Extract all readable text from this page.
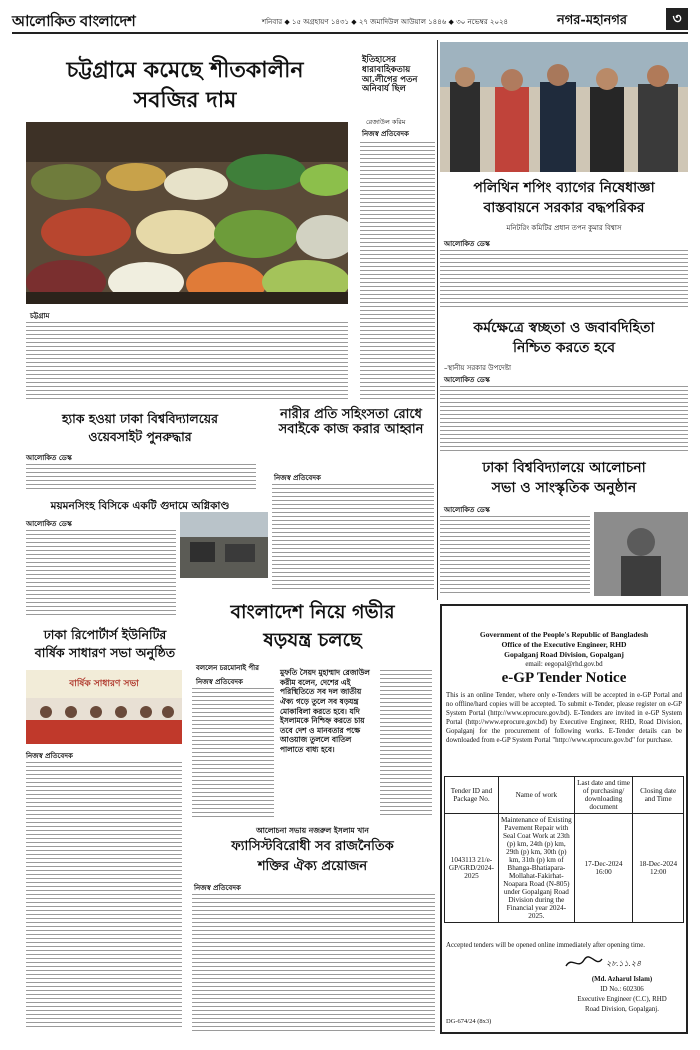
আলোকিত বাংলাদেশ	শনিবার ◆ ১৫ অগ্রহায়ণ ১৪৩১ ◆ ২৭ জমাদিউল আউয়াল ১৪৪৬ ◆ ৩০ নভেম্বর ২০২৪	নগর-মহানগর	৩
চট্টগ্রামে কমেছে শীতকালীন
সবজির দাম
ইতিহাসের ধারাবাহিকতায় আ.লীগের পতন অনিবার্য ছিল
রেজাউল করিম
চট্টগ্রাম
নিজস্ব প্রতিবেদক
পলিথিন শপিং ব্যাগের নিষেধাজ্ঞা
বাস্তবায়নে সরকার বদ্ধপরিকর
মনিটরিং কমিটির প্রধান তপন কুমার বিশ্বাস
আলোকিত ডেস্ক
কর্মক্ষেত্রে স্বচ্ছতা ও জবাবদিহিতা
নিশ্চিত করতে হবে
–স্থানীয় সরকার উপদেষ্টা
আলোকিত ডেস্ক
হ্যাক হওয়া ঢাকা বিশ্ববিদ্যালয়ের
ওয়েবসাইট পুনরুদ্ধার
আলোকিত ডেস্ক
ময়মনসিংহ বিসিকে একটি গুদামে অগ্নিকাণ্ড
আলোকিত ডেস্ক
নারীর প্রতি সহিংসতা রোধে সবাইকে কাজ করার আহ্বান
নিজস্ব প্রতিবেদক
ঢাকা বিশ্ববিদ্যালয়ে আলোচনা
সভা ও সাংস্কৃতিক অনুষ্ঠান
আলোকিত ডেস্ক
ঢাকা রিপোর্টার্স ইউনিটির
বার্ষিক সাধারণ সভা অনুষ্ঠিত
বার্ষিক সাধারণ সভা
নিজস্ব প্রতিবেদক
বাংলাদেশ নিয়ে গভীর
ষড়যন্ত্র চলছে
বললেন চরমোনাই পীর
নিজস্ব প্রতিবেদক
মুফতি সৈয়দ মুহাম্মাদ রেজাউল করীম বলেন, দেশের এই পরিস্থিতিতে সব দল জাতীয় ঐক্য গড়ে তুলে সব ষড়যন্ত্র মোকাবিলা করতে হবে। যদি ইসলামকে নিশ্চিহ্ন করতে চায় তবে দেশ ও মানবতার পক্ষে আওয়াজ তুললে বাতিল পালাতে বাধ্য হবে।
আলোচনা সভায় নজরুল ইসলাম খান
ফ্যাসিস্টবিরোধী সব রাজনৈতিক
শক্তির ঐক্য প্রয়োজন
নিজস্ব প্রতিবেদক
Government of the People's Republic of Bangladesh
Office of the Executive Engineer, RHD
Gopalganj Road Division, Gopalganj
email: eegopal@rhd.gov.bd
e-GP Tender Notice
This is an online Tender, where only e-Tenders will be accepted in e-GP Portal and no offline/hard copies will be accepted. To submit e-Tender, please register on e-GP System Portal (http://www.eprocure.gov.bd). E-Tenders are invited in e-GP System Portal (http://www.eprocure.gov.bd) by Executive Engineer, RHD, Road Division, Gopalganj for the procurement of following works. E-Tender details can be downloaded from e-GP System Portal "http://www.eprocure.gov.bd" for purchase.
Tender ID and Package No.	Name of work	Last date and time of purchasing/ downloading document	Closing date and Time
1043113 21/e-GP/GRD/2024-2025	Maintenance of Existing Pavement Repair with Seal Coat Work at 23th (p) km, 24th (p) km, 29th (p) km, 30th (p) km, 31th (p) km of Bhanga-Bhatiapara-Mollahat-Fakirhat-Noapara Road (N-805) under Gopalganj Road Division during the Financial year 2024-2025.	17-Dec-2024 16:00	18-Dec-2024 12:00
Accepted tenders will be opened online immediately after opening time.
২৮.১১.২৪
(Md. Azharul Islam)
ID No.: 602306
Executive Engineer (C.C), RHD
Road Division, Gopalganj.
DG-674/24 (8x3)
